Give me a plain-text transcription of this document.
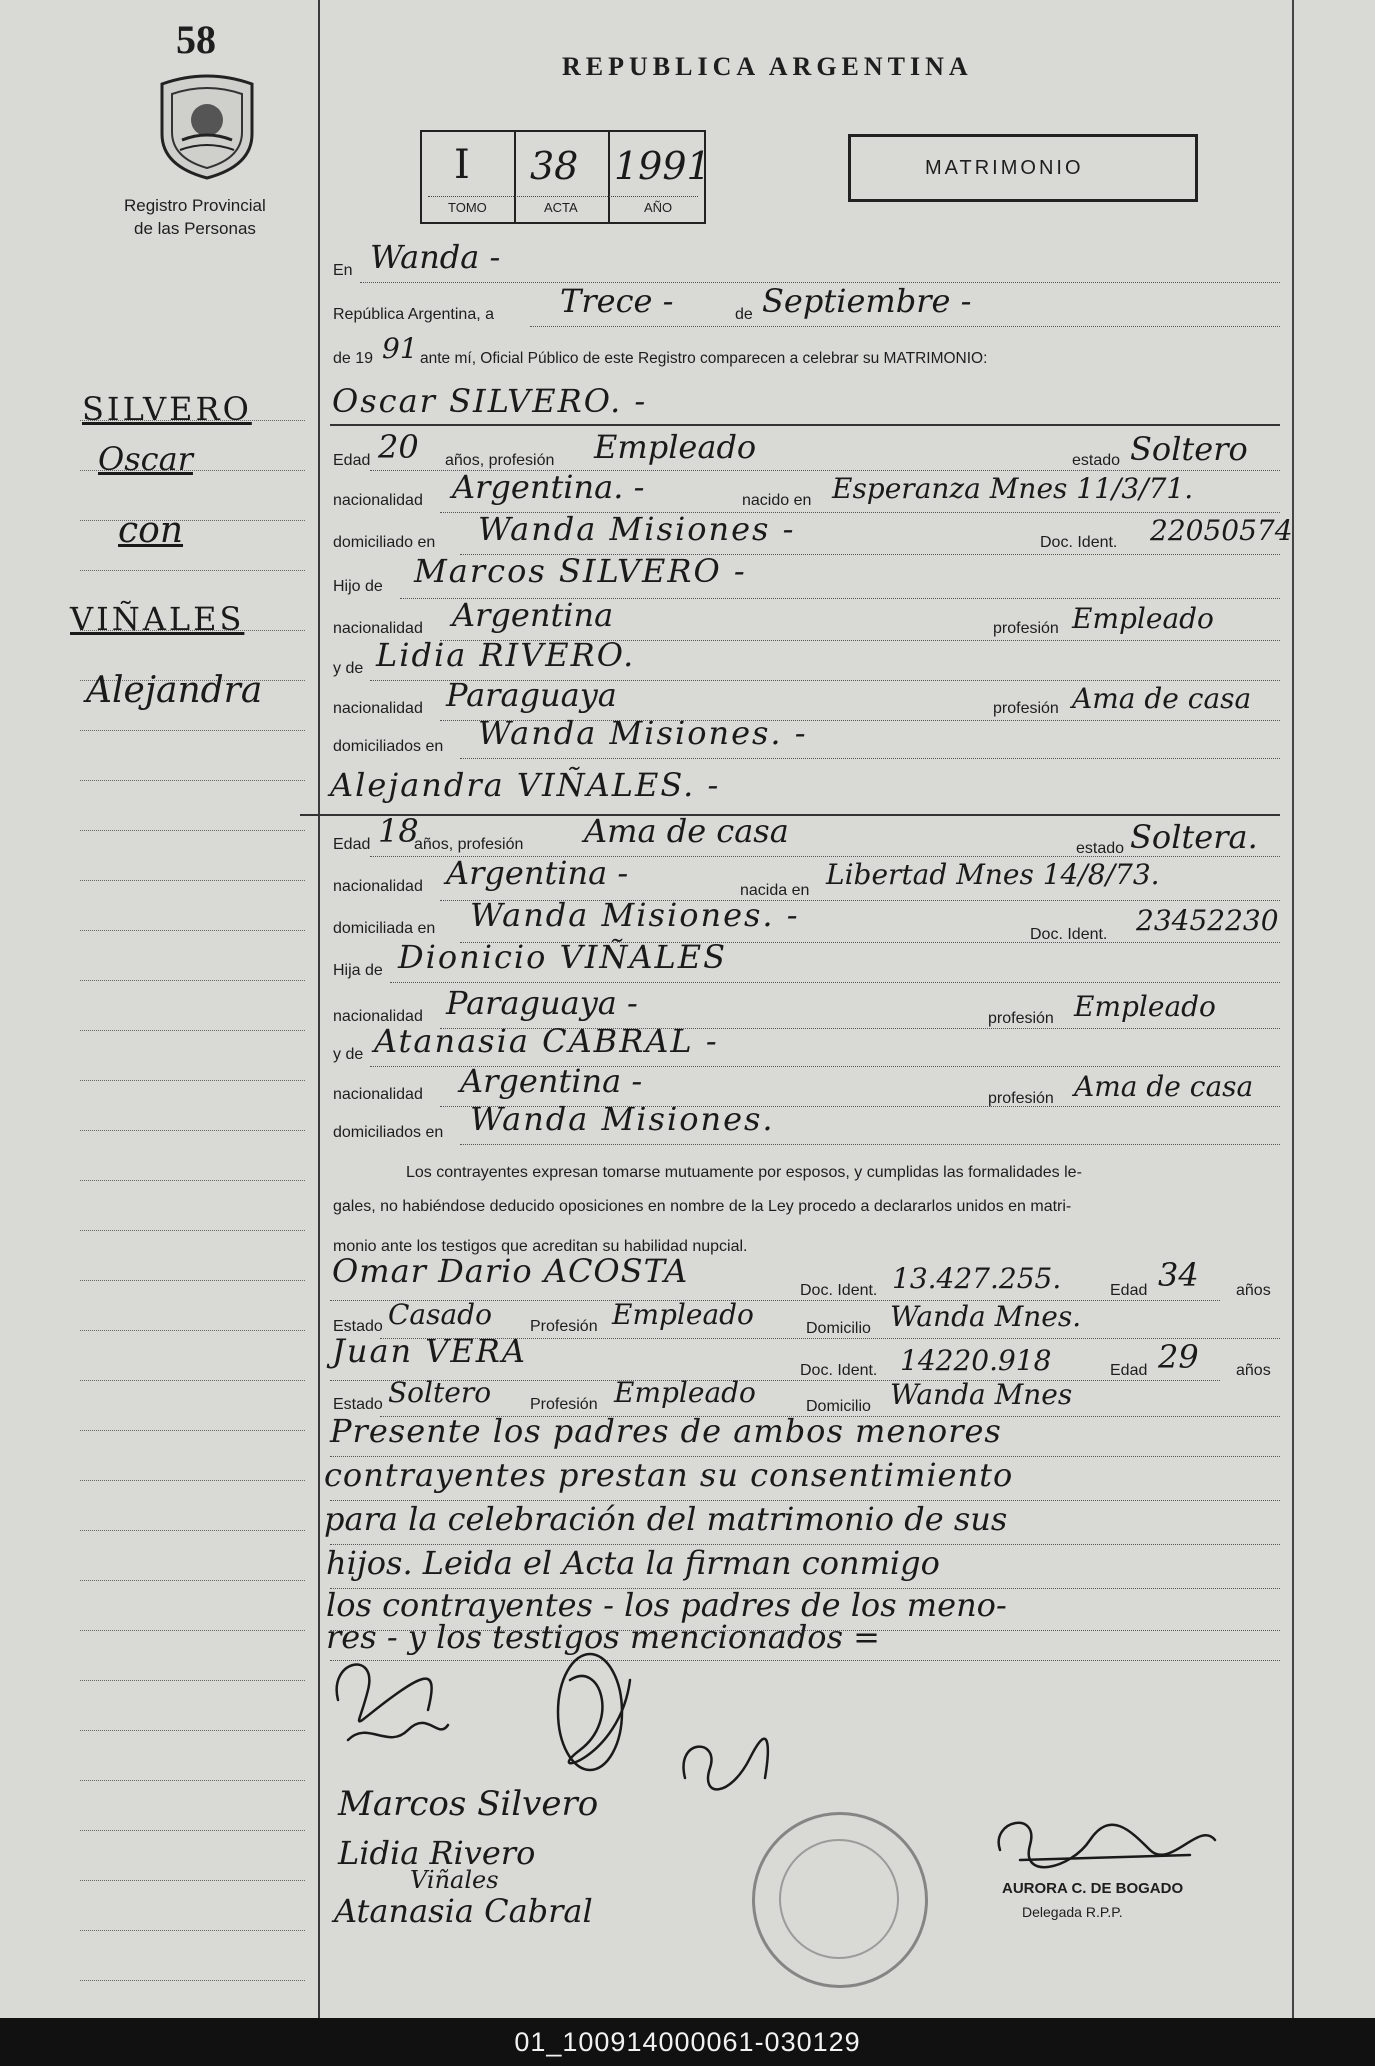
58
Registro Provincial
de las Personas
SILVERO
Oscar
con
VIÑALES
Alejandra
REPUBLICA ARGENTINA
I 38 1991
TOMO	ACTA	AÑO
MATRIMONIO
En Wanda -
República Argentina, a Trece -	de Septiembre -
de 19 91 ante mí, Oficial Público de este Registro comparecen a celebrar su MATRIMONIO:
Oscar SILVERO. -
Edad 20 años, profesión Empleado	estado Soltero
nacionalidad Argentina. -	nacido en Esperanza Mnes 11/3/71.
domiciliado en Wanda Misiones -	Doc. Ident. 22050574
Hijo de Marcos SILVERO -
nacionalidad Argentina	profesión Empleado
y de Lidia RIVERO.
nacionalidad Paraguaya	profesión Ama de casa
domiciliados en Wanda Misiones. -
Alejandra VIÑALES. -
Edad 18
años, profesión Ama de casa	estado Soltera.
nacionalidad Argentina -	nacida en Libertad Mnes 14/8/73.
domiciliada en Wanda Misiones. -
Doc. Ident. 23452230
Hija de Dionicio VIÑALES
nacionalidad Paraguaya -	profesión Empleado
y de Atanasia CABRAL -
nacionalidad Argentina -	profesión Ama de casa
domiciliados en Wanda Misiones.
Los contrayentes expresan tomarse mutuamente por esposos, y cumplidas las formalidades le-
gales, no habiéndose deducido oposiciones en nombre de la Ley procedo a declararlos unidos en matri-
monio ante los testigos que acreditan su habilidad nupcial.
Omar Dario ACOSTA
Doc. Ident. 13.427.255.	Edad 34 años
Estado Casado Profesión Empleado	Domicilio Wanda Mnes.
Juan VERA
Doc. Ident. 14220.918	Edad 29 años
Estado Soltero Profesión Empleado	Domicilio Wanda Mnes
Presente los padres de ambos menores
contrayentes prestan su consentimiento
para la celebración del matrimonio de sus
hijos. Leida el Acta la firman conmigo
los contrayentes - los padres de los meno-
res - y los testigos mencionados =
Marcos Silvero
Lidia Rivero
Viñales
Atanasia Cabral
AURORA C. DE BOGADO
Delegada R.P.P.
01_100914000061-030129
